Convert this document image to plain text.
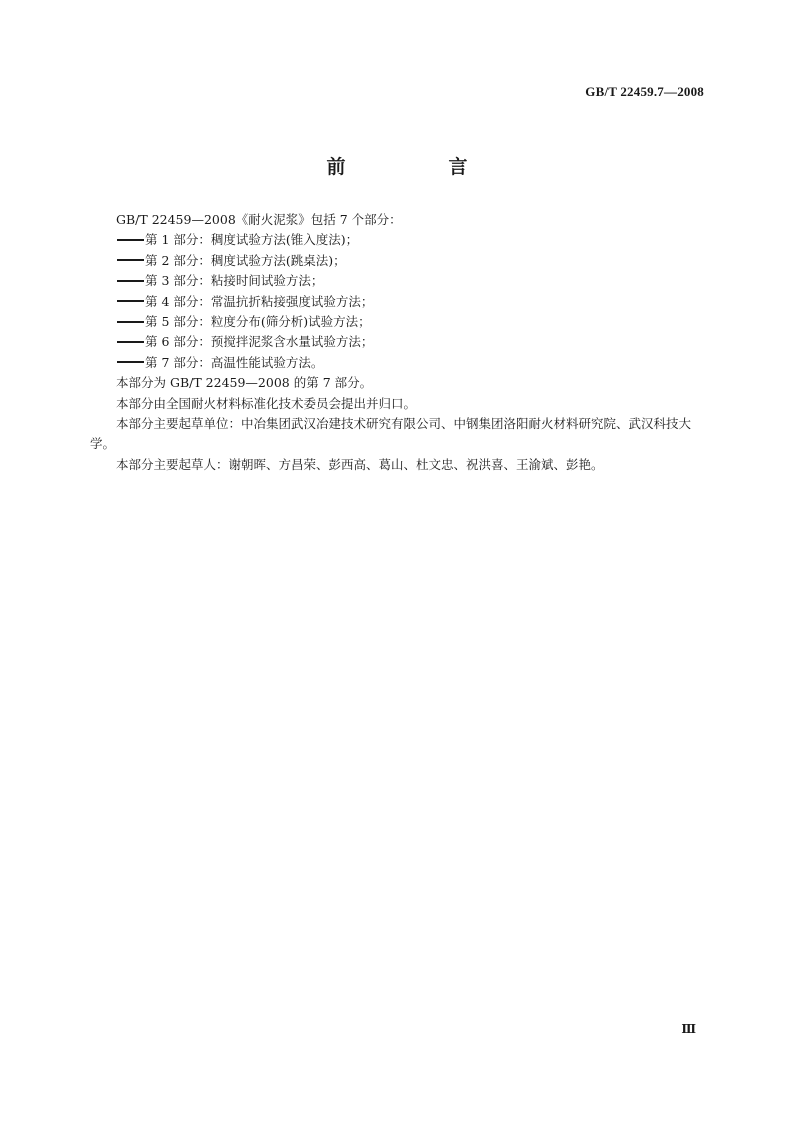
GB/T 22459.7—2008
前　言

GB/T 22459—2008《耐火泥浆》包括 7 个部分：

第 1 部分：稠度试验方法(锥入度法)；

第 2 部分：稠度试验方法(跳桌法)；

第 3 部分：粘接时间试验方法；

第 4 部分：常温抗折粘接强度试验方法；

第 5 部分：粒度分布(筛分析)试验方法；

第 6 部分：预搅拌泥浆含水量试验方法；

第 7 部分：高温性能试验方法。

本部分为 GB/T 22459—2008 的第 7 部分。

本部分由全国耐火材料标准化技术委员会提出并归口。

本部分主要起草单位：中冶集团武汉冶建技术研究有限公司、中钢集团洛阳耐火材料研究院、武汉科技大学。

本部分主要起草人：谢朝晖、方昌荣、彭西高、葛山、杜文忠、祝洪喜、王渝斌、彭艳。

Ⅲ
